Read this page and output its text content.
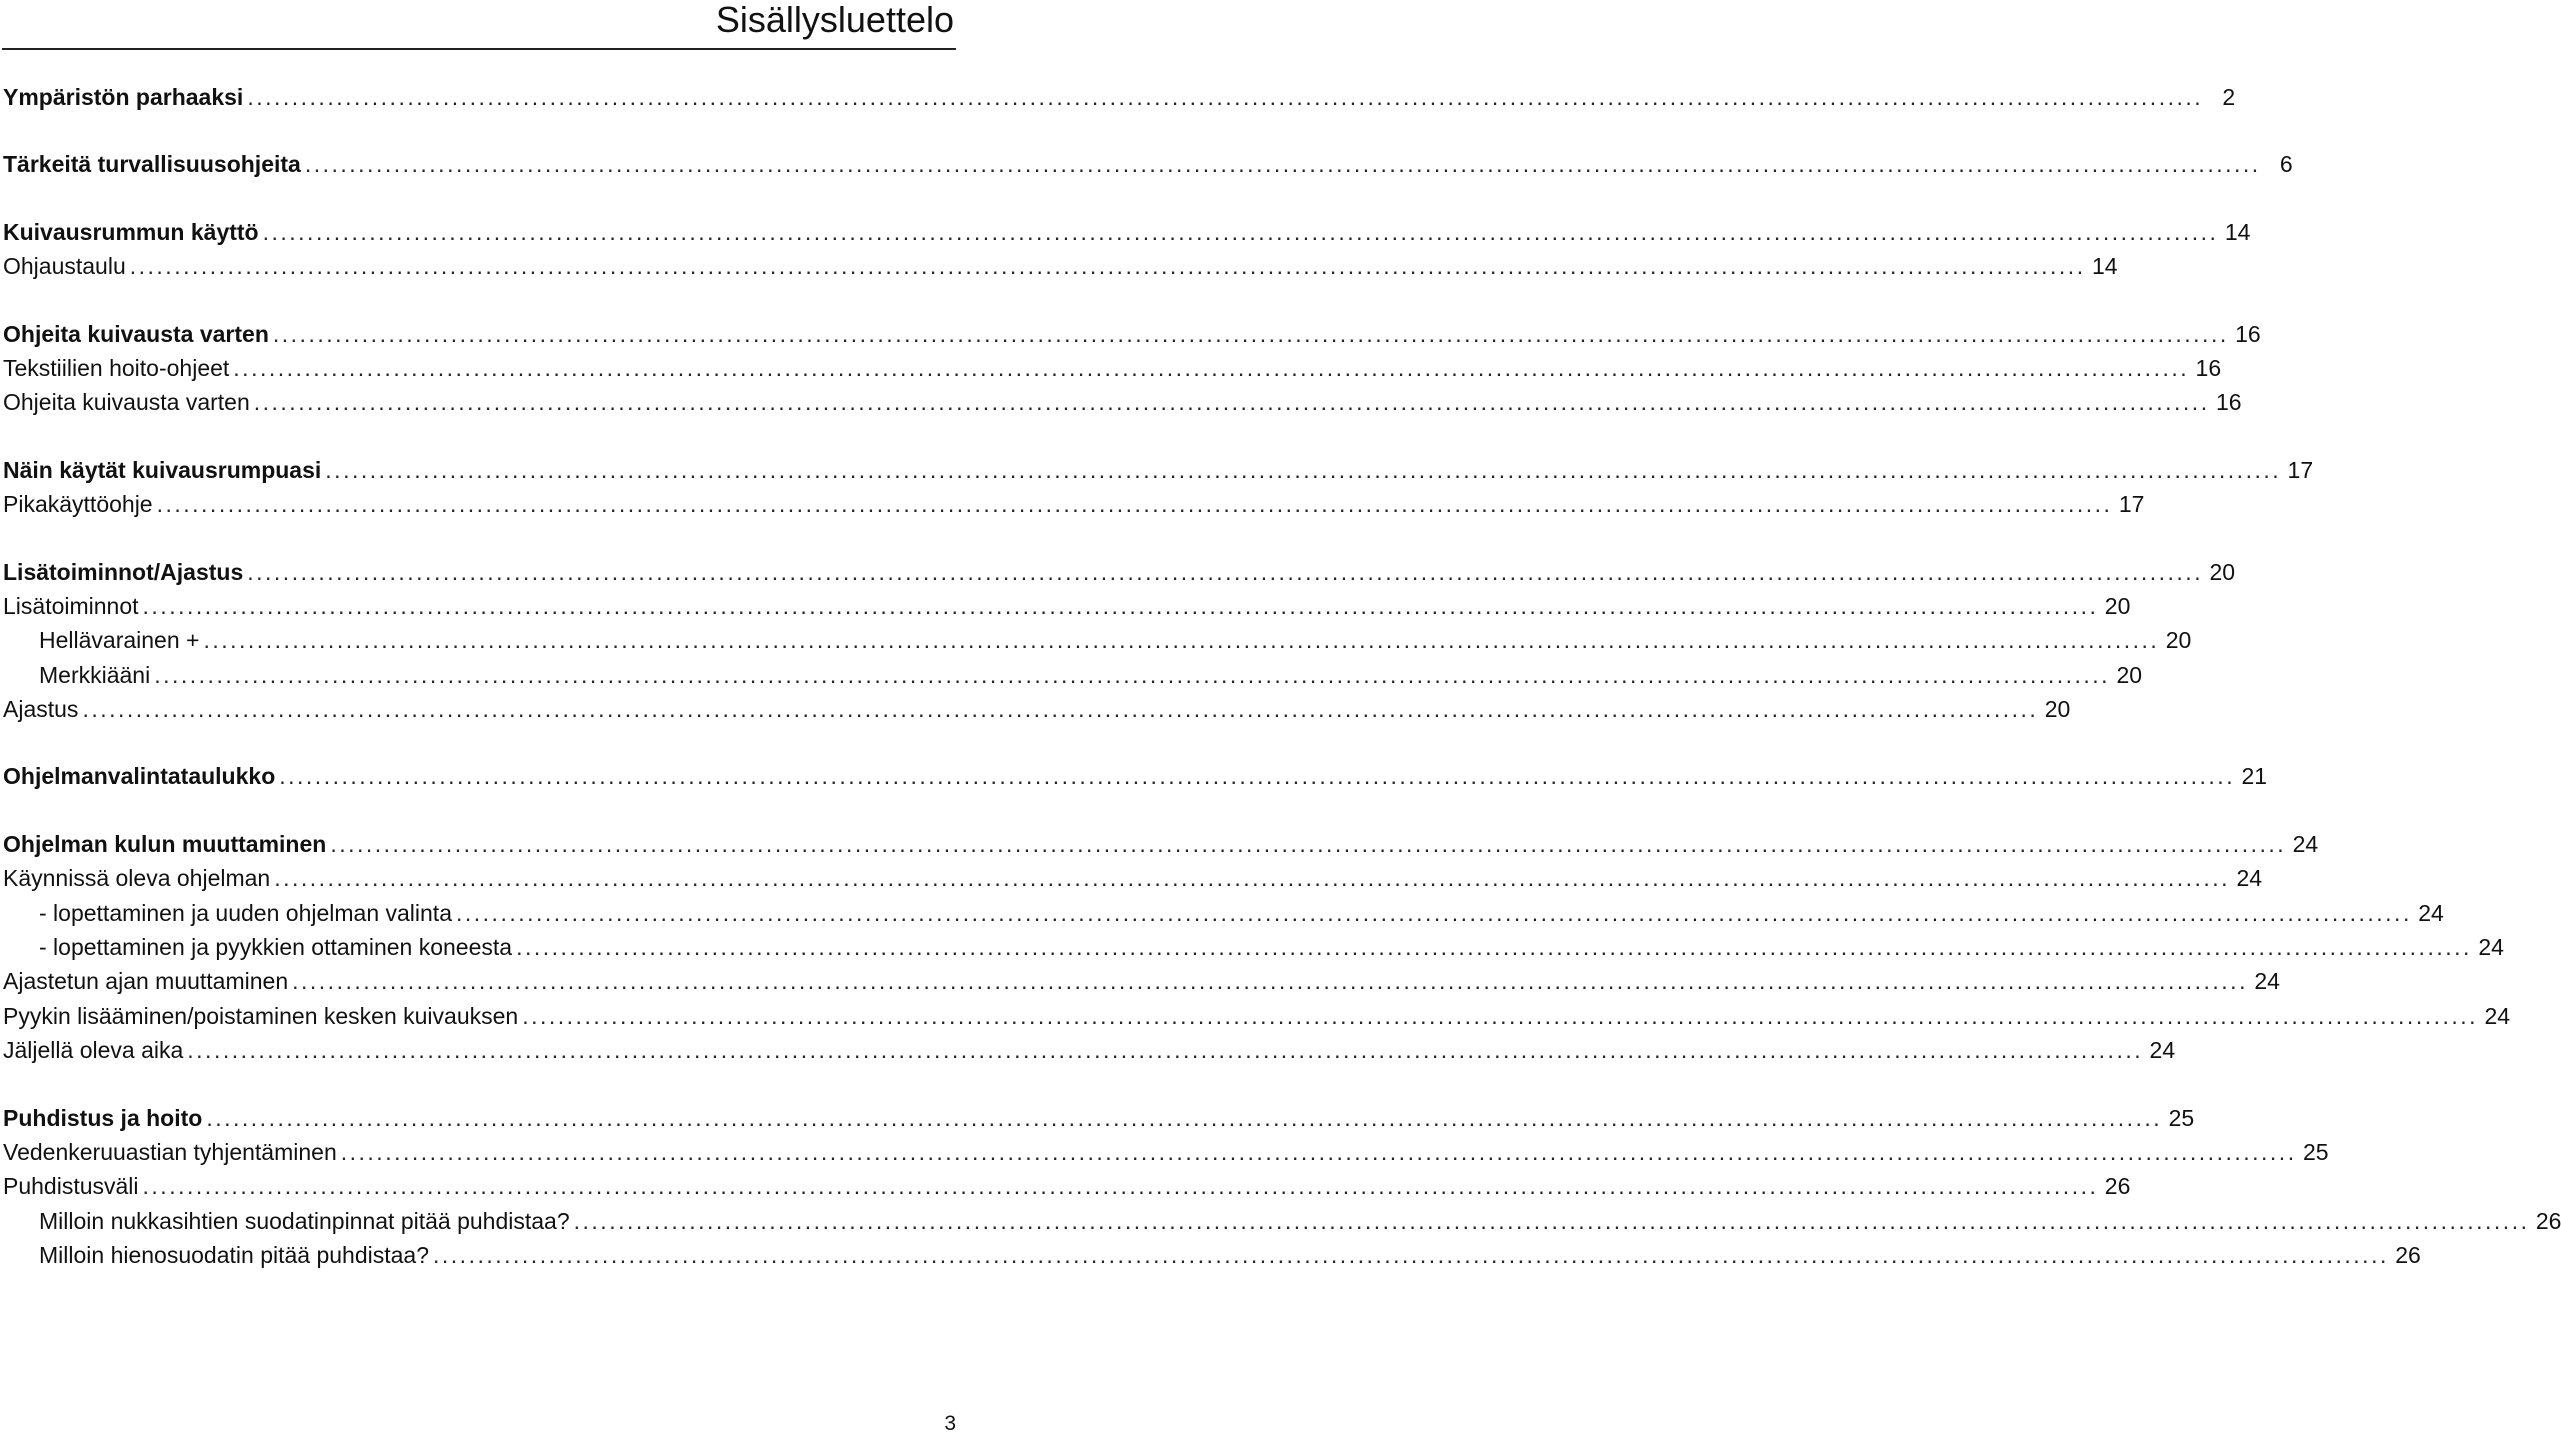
Sisällysluettelo
Ympäristön parhaaksi ............................................................................................................................................................................................................................ 2
Tärkeitä turvallisuusohjeita ............................................................................................................................................................................................................................ 6
Kuivausrummun käyttö ............................................................................................................................................................................................................................ 14
Ohjaustaulu ............................................................................................................................................................................................................................ 14
Ohjeita kuivausta varten ............................................................................................................................................................................................................................ 16
Tekstiilien hoito-ohjeet ............................................................................................................................................................................................................................ 16
Ohjeita kuivausta varten ............................................................................................................................................................................................................................ 16
Näin käytät kuivausrumpuasi ............................................................................................................................................................................................................................ 17
Pikakäyttöohje ............................................................................................................................................................................................................................ 17
Lisätoiminnot/Ajastus ............................................................................................................................................................................................................................ 20
Lisätoiminnot ............................................................................................................................................................................................................................ 20
Hellävarainen + ............................................................................................................................................................................................................................ 20
Merkkiääni ............................................................................................................................................................................................................................ 20
Ajastus ............................................................................................................................................................................................................................ 20
Ohjelmanvalintataulukko ............................................................................................................................................................................................................................ 21
Ohjelman kulun muuttaminen ............................................................................................................................................................................................................................ 24
Käynnissä oleva ohjelman ............................................................................................................................................................................................................................ 24
- lopettaminen ja uuden ohjelman valinta ............................................................................................................................................................................................................................ 24
- lopettaminen ja pyykkien ottaminen koneesta ............................................................................................................................................................................................................................ 24
Ajastetun ajan muuttaminen ............................................................................................................................................................................................................................ 24
Pyykin lisääminen/poistaminen kesken kuivauksen ............................................................................................................................................................................................................................ 24
Jäljellä oleva aika ............................................................................................................................................................................................................................ 24
Puhdistus ja hoito ............................................................................................................................................................................................................................ 25
Vedenkeruuastian tyhjentäminen ............................................................................................................................................................................................................................ 25
Puhdistusväli ............................................................................................................................................................................................................................ 26
Milloin nukkasihtien suodatinpinnat pitää puhdistaa? ............................................................................................................................................................................................................................ 26
Milloin hienosuodatin pitää puhdistaa? ............................................................................................................................................................................................................................ 26
3
